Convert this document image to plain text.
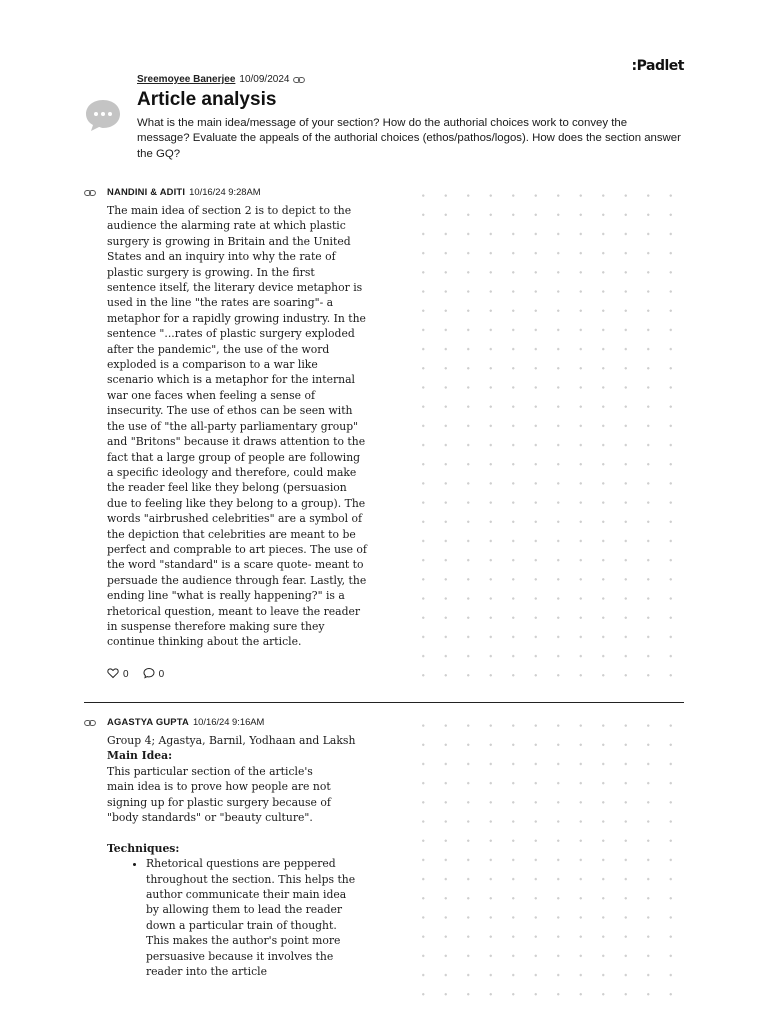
:Padlet
Sreemoyee Banerjee 10/09/2024
Article analysis

What is the main idea/message of your section? How do the authorial choices work to convey the message? Evaluate the appeals of the authorial choices (ethos/pathos/logos). How does the section answer the GQ?

NANDINI & ADITI 10/16/24 9:28AM

The main idea of section 2 is to depict to the audience the alarming rate at which plastic surgery is growing in Britain and the United States and an inquiry into why the rate of plastic surgery is growing. In the first sentence itself, the literary device metaphor is used in the line "the rates are soaring"- a metaphor for a rapidly growing industry. In the sentence "...rates of plastic surgery exploded after the pandemic", the use of the word exploded is a comparison to a war like scenario which is a metaphor for the internal war one faces when feeling a sense of insecurity. The use of ethos can be seen with the use of "the all-party parliamentary group" and "Britons" because it draws attention to the fact that a large group of people are following a specific ideology and therefore, could make the reader feel like they belong (persuasion due to feeling like they belong to a group). The words "airbrushed celebrities" are a symbol of the depiction that celebrities are meant to be perfect and comprable to art pieces. The use of the word "standard" is a scare quote- meant to persuade the audience through fear. Lastly, the ending line "what is really happening?" is a rhetorical question, meant to leave the reader in suspense therefore making sure they continue thinking about the article.

0	0
AGASTYA GUPTA 10/16/24 9:16AM

Group 4; Agastya, Barnil, Yodhaan and Laksh

Main Idea:

This particular section of the article's main idea is to prove how people are not signing up for plastic surgery because of "body standards" or "beauty culture".

Techniques:

• Rhetorical questions are peppered throughout the section. This helps the author communicate their main idea by allowing them to lead the reader down a particular train of thought. This makes the author's point more persuasive because it involves the reader into the article
